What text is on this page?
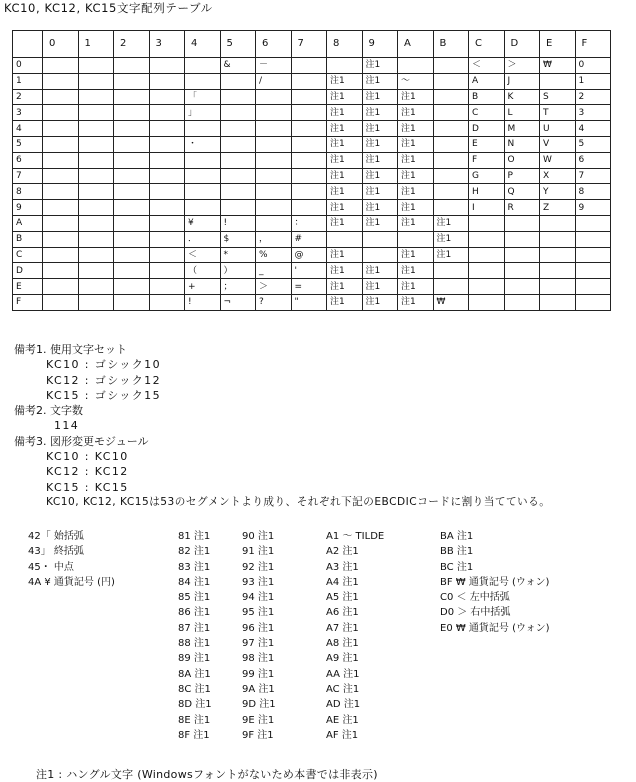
KC10, KC12, KC15文字配列テーブル
	0	1	2	3	4	5	6	7	8	9	A	B	C	D	E	F
0						&	－			注1			＜	＞	₩	0
1							/		注1	注1	～		A	J		1
2					「				注1	注1	注1		B	K	S	2
3					」				注1	注1	注1		C	L	T	3
4									注1	注1	注1		D	M	U	4
5					・				注1	注1	注1		E	N	V	5
6									注1	注1	注1		F	O	W	6
7									注1	注1	注1		G	P	X	7
8									注1	注1	注1		H	Q	Y	8
9									注1	注1	注1		I	R	Z	9
A					¥	!		：	注1	注1	注1	注1				
B					．	$	，	#				注1				
C					＜	*	%	@	注1		注1	注1				
D					（	）	_	'	注1	注1	注1					
E					+	；	＞	=	注1	注1	注1					
F					!	¬	?	"	注1	注1	注1	₩				
備考1. 使用文字セット
KC10 : ゴシック10
KC12 : ゴシック12
KC15 : ゴシック15
備考2. 文字数
114
備考3. 図形変更モジュール
KC10 : KC10
KC12 : KC12
KC15 : KC15
KC10, KC12, KC15は53のセグメントより成り、それぞれ下記のEBCDICコードに割り当てている。
42「 始括弧
43」 終括弧
45・ 中点
4A ¥ 通貨記号 (円)
81 注1
82 注1
83 注1
84 注1
85 注1
86 注1
87 注1
88 注1
89 注1
8A 注1
8C 注1
8D 注1
8E 注1
8F 注1
90 注1
91 注1
92 注1
93 注1
94 注1
95 注1
96 注1
97 注1
98 注1
99 注1
9A 注1
9D 注1
9E 注1
9F 注1
A1 ～ TILDE
A2 注1
A3 注1
A4 注1
A5 注1
A6 注1
A7 注1
A8 注1
A9 注1
AA 注1
AC 注1
AD 注1
AE 注1
AF 注1
BA 注1
BB 注1
BC 注1
BF ₩ 通貨記号 (ウォン)
C0 ＜ 左中括弧
D0 ＞ 右中括弧
E0 ₩ 通貨記号 (ウォン)
注1 : ハングル文字 (Windowsフォントがないため本書では非表示)
